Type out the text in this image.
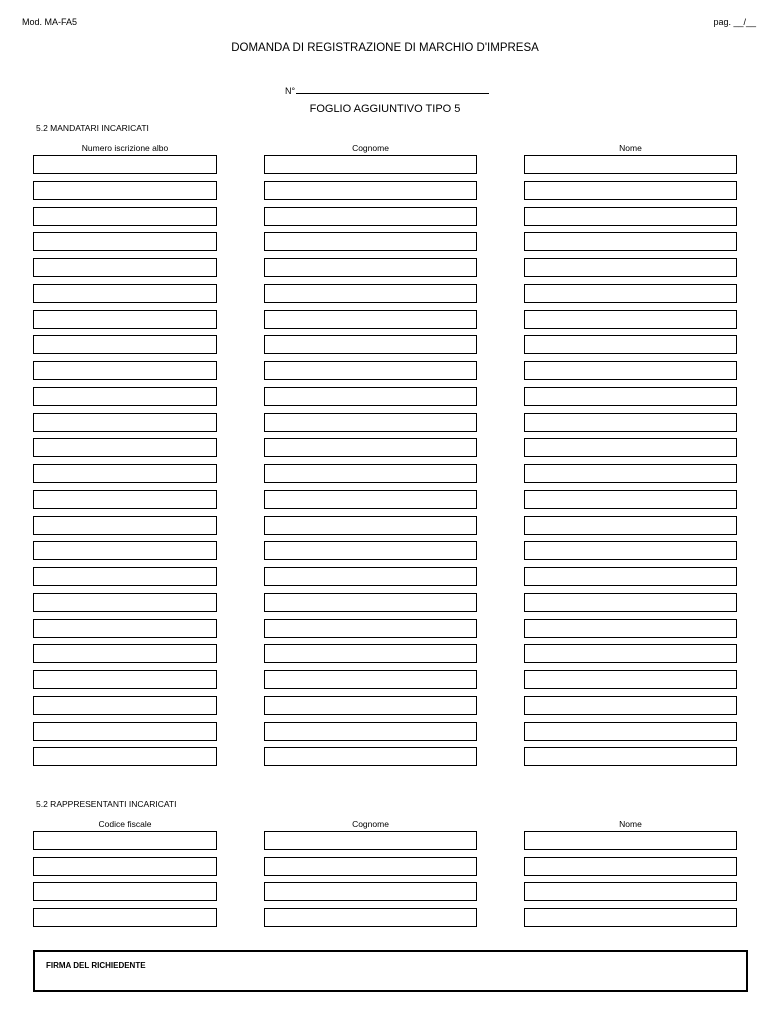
Mod. MA-FA5	pag. __/__
DOMANDA DI REGISTRAZIONE DI MARCHIO D'IMPRESA
N°
FOGLIO AGGIUNTIVO TIPO 5
5.2 MANDATARI INCARICATI
Numero iscrizione albo	Cognome	Nome
5.2 RAPPRESENTANTI INCARICATI
Codice fiscale	Cognome	Nome
FIRMA DEL RICHIEDENTE
